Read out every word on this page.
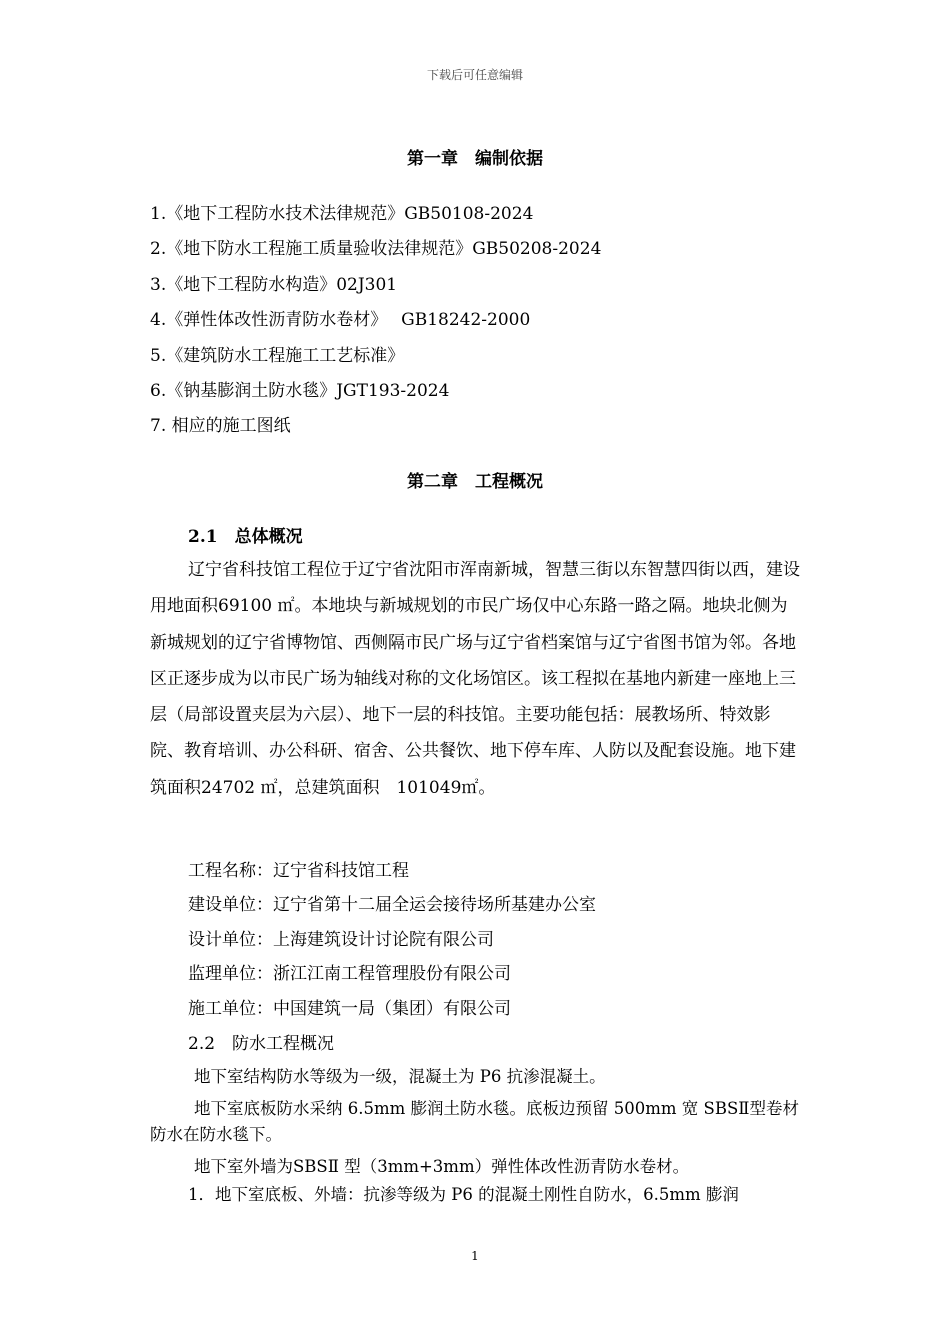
下载后可任意编辑
第一章　编制依据
1.《地下工程防水技术法律规范》GB50108-2024
2.《地下防水工程施工质量验收法律规范》GB50208-2024
3.《地下工程防水构造》02J301
4.《弹性体改性沥青防水卷材》　 GB18242-2000
5.《建筑防水工程施工工艺标准》
6.《钠基膨润土防水毯》JGT193-2024
7. 相应的施工图纸
第二章　工程概况
2.1　总体概况

辽宁省科技馆工程位于辽宁省沈阳市浑南新城，智慧三街以东智慧四街以西，建设用地面积69100 ㎡。本地块与新城规划的市民广场仅中心东路一路之隔。地块北侧为新城规划的辽宁省博物馆、西侧隔市民广场与辽宁省档案馆与辽宁省图书馆为邻。各地区正逐步成为以市民广场为轴线对称的文化场馆区。该工程拟在基地内新建一座地上三层（局部设置夹层为六层）、地下一层的科技馆。主要功能包括：展教场所、特效影院、教育培训、办公科研、宿舍、公共餐饮、地下停车库、人防以及配套设施。地下建筑面积24702 ㎡，总建筑面积　101049㎡。

工程名称：辽宁省科技馆工程
建设单位：辽宁省第十二届全运会接待场所基建办公室
设计单位：上海建筑设计讨论院有限公司
监理单位：浙江江南工程管理股份有限公司
施工单位：中国建筑一局（集团）有限公司
2.2　防水工程概况

地下室结构防水等级为一级，混凝土为 P6 抗渗混凝土。

地下室底板防水采纳 6.5mm 膨润土防水毯。底板边预留 500mm 宽 SBSⅡ型卷材防水在防水毯下。

地下室外墙为SBSⅡ 型（3mm+3mm）弹性体改性沥青防水卷材。

1．地下室底板、外墙：抗渗等级为 P6 的混凝土刚性自防水，6.5mm 膨润

1
